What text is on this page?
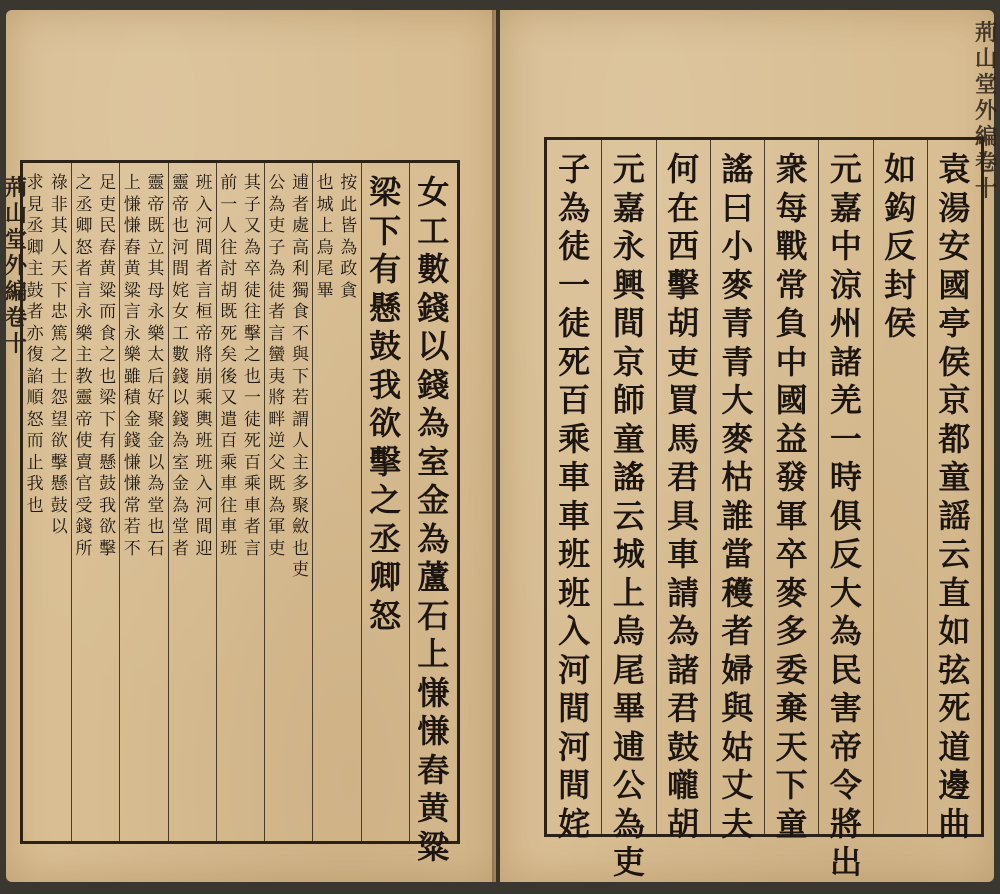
荊
山
堂
外
編
卷
十
女
工
數
錢
以
錢
為
室
金
為
蘆
石
上
慊
慊
舂
黄
粱
梁
下
有
懸
鼓
我
欲
擊
之
丞
卿
怒
按
此
皆
為
政
貪
也
城
上
烏
尾
畢
逋
者
處
高
利
獨
食
不
與
下
若
謂
人
主
多
聚
斂
也
吏
公
為
吏
子
為
徒
者
言
蠻
夷
將
畔
逆
父
既
為
軍
吏
其
子
又
為
卒
徒
往
擊
之
也
一
徒
死
百
乘
車
者
言
前
一
人
往
討
胡
既
死
矣
後
又
遣
百
乘
車
往
車
班
班
入
河
間
者
言
桓
帝
將
崩
乘
輿
班
班
入
河
間
迎
靈
帝
也
河
間
姹
女
工
數
錢
以
錢
為
室
金
為
堂
者
靈
帝
既
立
其
母
永
樂
太
后
好
聚
金
以
為
堂
也
石
上
慊
慊
舂
黄
粱
言
永
樂
雖
積
金
錢
慊
慊
常
若
不
足
吏
民
舂
黄
粱
而
食
之
也
梁
下
有
懸
鼓
我
欲
擊
之
丞
卿
怒
者
言
永
樂
主
教
靈
帝
使
賣
官
受
錢
所
祿
非
其
人
天
下
忠
篤
之
士
怨
望
欲
擊
懸
鼓
以
求
見
丞
卿
主
鼓
者
亦
復
諂
順
怒
而
止
我
也
荊
山
堂
外
編
卷
十
袁
湯
安
國
亭
侯
京
都
童
謡
云
直
如
弦
死
道
邊
曲
如
鈎
反
封
侯
元
嘉
中
涼
州
諸
羌
一
時
俱
反
大
為
民
害
帝
令
將
出
衆
每
戰
常
負
中
國
益
發
軍
卒
麥
多
委
棄
天
下
童
謠
曰
小
麥
青
青
大
麥
枯
誰
當
穫
者
婦
與
姑
丈
夫
何
在
西
擊
胡
吏
買
馬
君
具
車
請
為
諸
君
鼓
嚨
胡
元
嘉
永
興
間
京
師
童
謠
云
城
上
烏
尾
畢
逋
公
為
吏
子
為
徒
一
徒
死
百
乘
車
車
班
班
入
河
間
河
間
姹
